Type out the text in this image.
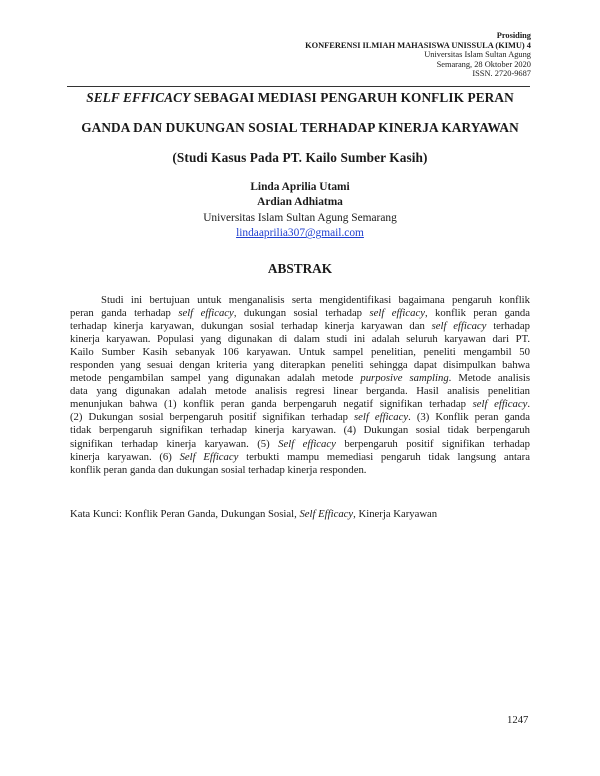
Prosiding
KONFERENSI ILMIAH MAHASISWA UNISSULA (KIMU) 4
Universitas Islam Sultan Agung
Semarang, 28 Oktober 2020
ISSN. 2720-9687
SELF EFFICACY SEBAGAI MEDIASI PENGARUH KONFLIK PERAN
GANDA DAN DUKUNGAN SOSIAL TERHADAP KINERJA KARYAWAN
(Studi Kasus Pada PT. Kailo Sumber Kasih)
Linda Aprilia Utami
Ardian Adhiatma
Universitas Islam Sultan Agung Semarang
lindaaprilia307@gmail.com
ABSTRAK
Studi ini bertujuan untuk menganalisis serta mengidentifikasi bagaimana pengaruh konflik
peran ganda terhadap self efficacy, dukungan sosial terhadap self efficacy, konflik peran ganda
terhadap kinerja karyawan, dukungan sosial terhadap kinerja karyawan dan self efficacy terhadap
kinerja karyawan. Populasi yang digunakan di dalam studi ini adalah seluruh karyawan dari PT.
Kailo Sumber Kasih sebanyak 106 karyawan. Untuk sampel penelitian, peneliti mengambil 50
responden yang sesuai dengan kriteria yang diterapkan peneliti sehingga dapat disimpulkan bahwa
metode pengambilan sampel yang digunakan adalah metode purposive sampling. Metode analisis
data yang digunakan adalah metode analisis regresi linear berganda. Hasil analisis penelitian
menunjukan bahwa (1) konflik peran ganda berpengaruh negatif signifikan terhadap self efficacy.
(2) Dukungan sosial berpengaruh positif signifikan terhadap self efficacy. (3) Konflik peran ganda
tidak berpengaruh signifikan terhadap kinerja karyawan. (4) Dukungan sosial tidak berpengaruh
signifikan terhadap kinerja karyawan. (5) Self efficacy berpengaruh positif signifikan terhadap
kinerja karyawan. (6) Self Efficacy terbukti mampu memediasi pengaruh tidak langsung antara
konflik peran ganda dan dukungan sosial terhadap kinerja responden.
Kata Kunci: Konflik Peran Ganda, Dukungan Sosial, Self Efficacy, Kinerja Karyawan
1247
